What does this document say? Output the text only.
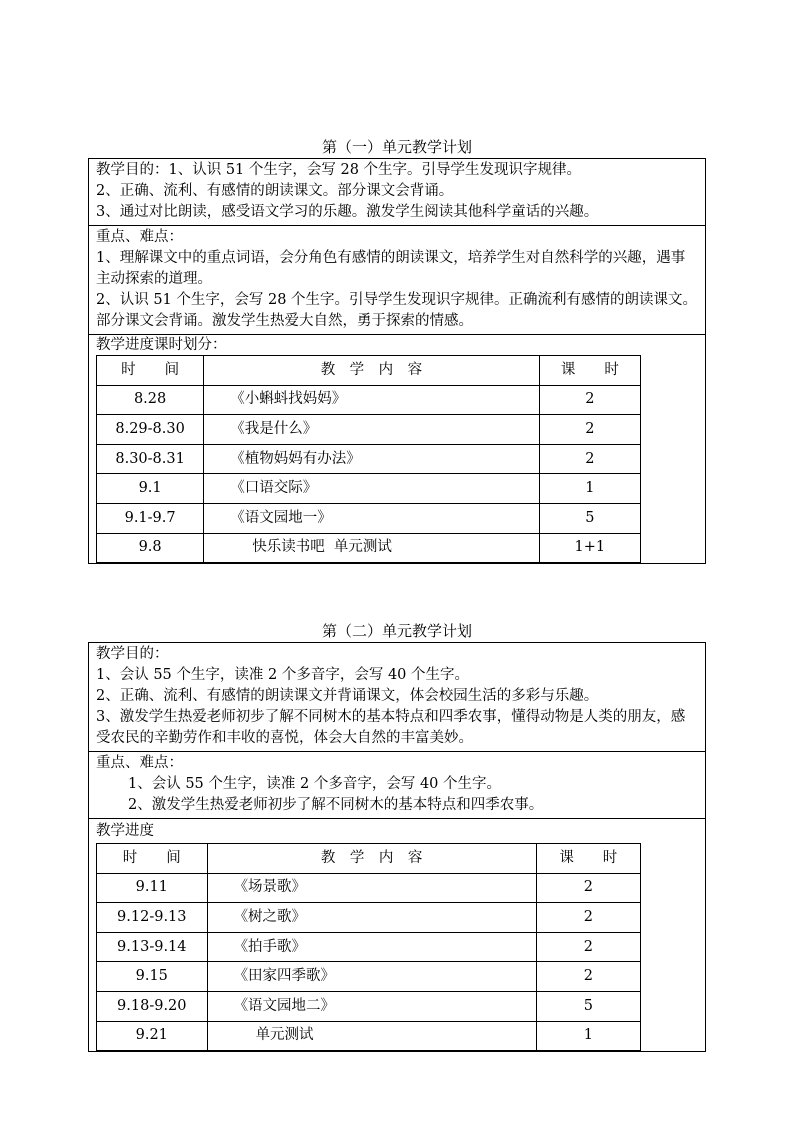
第（一）单元教学计划
教学目的：1、认识 51 个生字，会写 28 个生字。引导学生发现识字规律。
2、正确、流利、有感情的朗读课文。部分课文会背诵。
3、通过对比朗读，感受语文学习的乐趣。激发学生阅读其他科学童话的兴趣。
重点、难点：
1、理解课文中的重点词语，会分角色有感情的朗读课文，培养学生对自然科学的兴趣，遇事主动探索的道理。
2、认识 51 个生字，会写 28 个生字。引导学生发现识字规律。正确流利有感情的朗读课文。部分课文会背诵。激发学生热爱大自然，勇于探索的情感。
教学进度课时划分：
时　　间	教　学　内　容	课　　时
8.28	《小蝌蚪找妈妈》	2
8.29-8.30	《我是什么》	2
8.30-8.31	《植物妈妈有办法》	2
9.1	《口语交际》	1
9.1-9.7	《语文园地一》	5
9.8	快乐读书吧  单元测试	1+1
第（二）单元教学计划
教学目的：
1、会认 55 个生字，读准 2 个多音字，会写 40 个生字。
2、正确、流利、有感情的朗读课文并背诵课文，体会校园生活的多彩与乐趣。
3、激发学生热爱老师初步了解不同树木的基本特点和四季农事，懂得动物是人类的朋友，感受农民的辛勤劳作和丰收的喜悦，体会大自然的丰富美妙。
重点、难点：
1、会认 55 个生字，读准 2 个多音字，会写 40 个生字。
2、激发学生热爱老师初步了解不同树木的基本特点和四季农事。
教学进度
时　　间	教　学　内　容	课　　时
9.11	《场景歌》	2
9.12-9.13	《树之歌》	2
9.13-9.14	《拍手歌》	2
9.15	《田家四季歌》	2
9.18-9.20	《语文园地二》	5
9.21	单元测试	1
